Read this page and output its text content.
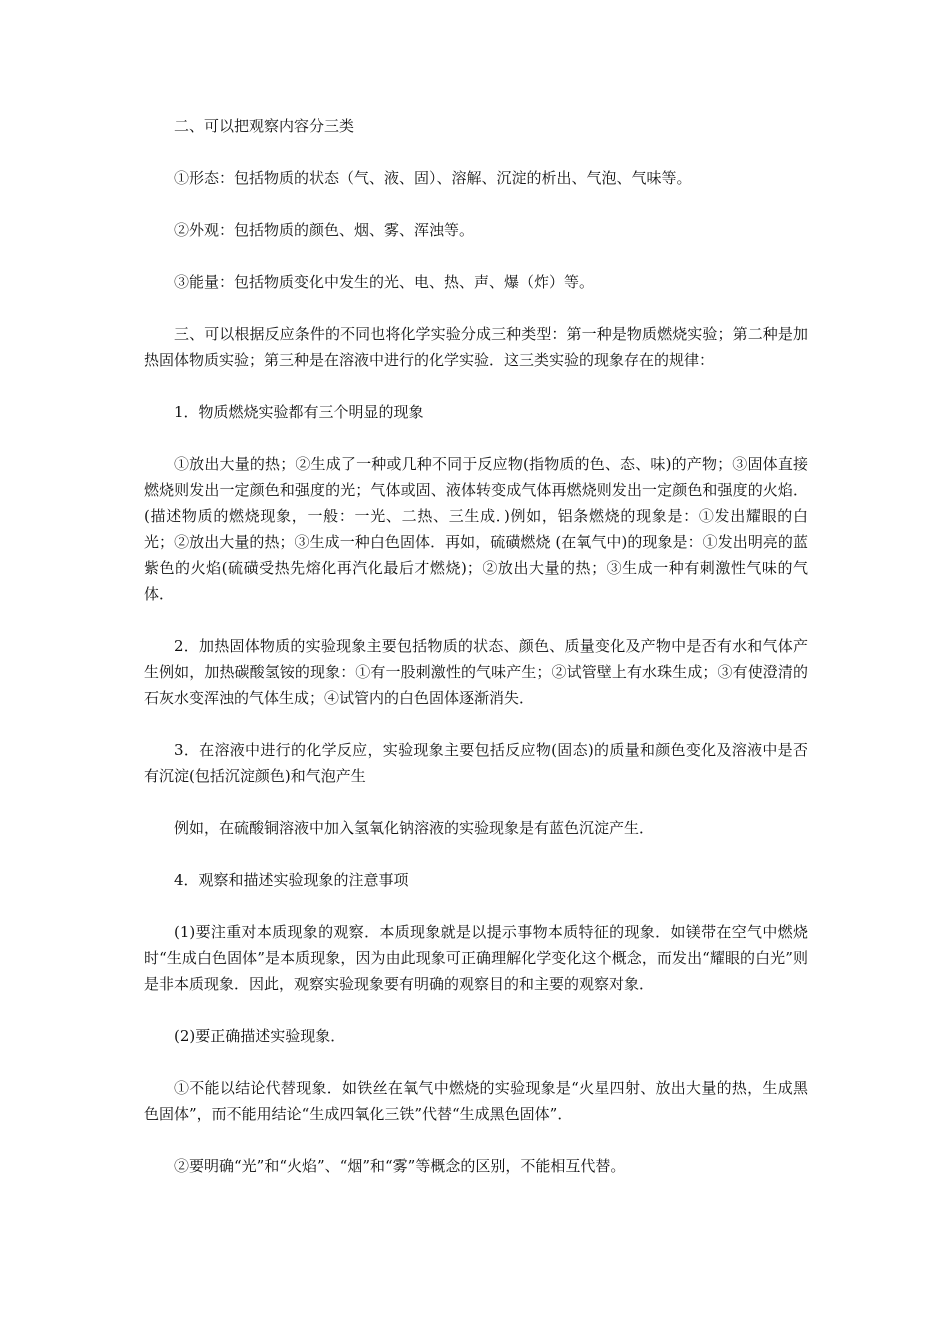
二、可以把观察内容分三类

①形态：包括物质的状态（气、液、固）、溶解、沉淀的析出、气泡、气味等。

②外观：包括物质的颜色、烟、雾、浑浊等。

③能量：包括物质变化中发生的光、电、热、声、爆（炸）等。

三、可以根据反应条件的不同也将化学实验分成三种类型：第一种是物质燃烧实验；第二种是加热固体物质实验；第三种是在溶液中进行的化学实验．这三类实验的现象存在的规律：

1．物质燃烧实验都有三个明显的现象

①放出大量的热；②生成了一种或几种不同于反应物(指物质的色、态、味)的产物；③固体直接燃烧则发出一定颜色和强度的光；气体或固、液体转变成气体再燃烧则发出一定颜色和强度的火焰．(描述物质的燃烧现象，一般：一光、二热、三生成．)例如，铝条燃烧的现象是：①发出耀眼的白光；②放出大量的热；③生成一种白色固体．再如，硫磺燃烧 (在氧气中)的现象是：①发出明亮的蓝紫色的火焰(硫磺受热先熔化再汽化最后才燃烧)；②放出大量的热；③生成一种有刺激性气味的气体．

2．加热固体物质的实验现象主要包括物质的状态、颜色、质量变化及产物中是否有水和气体产生例如，加热碳酸氢铵的现象：①有一股刺激性的气味产生；②试管壁上有水珠生成；③有使澄清的石灰水变浑浊的气体生成；④试管内的白色固体逐渐消失．

3．在溶液中进行的化学反应，实验现象主要包括反应物(固态)的质量和颜色变化及溶液中是否有沉淀(包括沉淀颜色)和气泡产生

例如，在硫酸铜溶液中加入氢氧化钠溶液的实验现象是有蓝色沉淀产生．

4．观察和描述实验现象的注意事项

(1)要注重对本质现象的观察．本质现象就是以提示事物本质特征的现象．如镁带在空气中燃烧时“生成白色固体”是本质现象，因为由此现象可正确理解化学变化这个概念，而发出“耀眼的白光”则是非本质现象．因此，观察实验现象要有明确的观察目的和主要的观察对象．

(2)要正确描述实验现象．

①不能以结论代替现象．如铁丝在氧气中燃烧的实验现象是“火星四射、放出大量的热，生成黑色固体”，而不能用结论“生成四氧化三铁”代替“生成黑色固体”．

②要明确“光”和“火焰”、“烟”和“雾”等概念的区别，不能相互代替。
